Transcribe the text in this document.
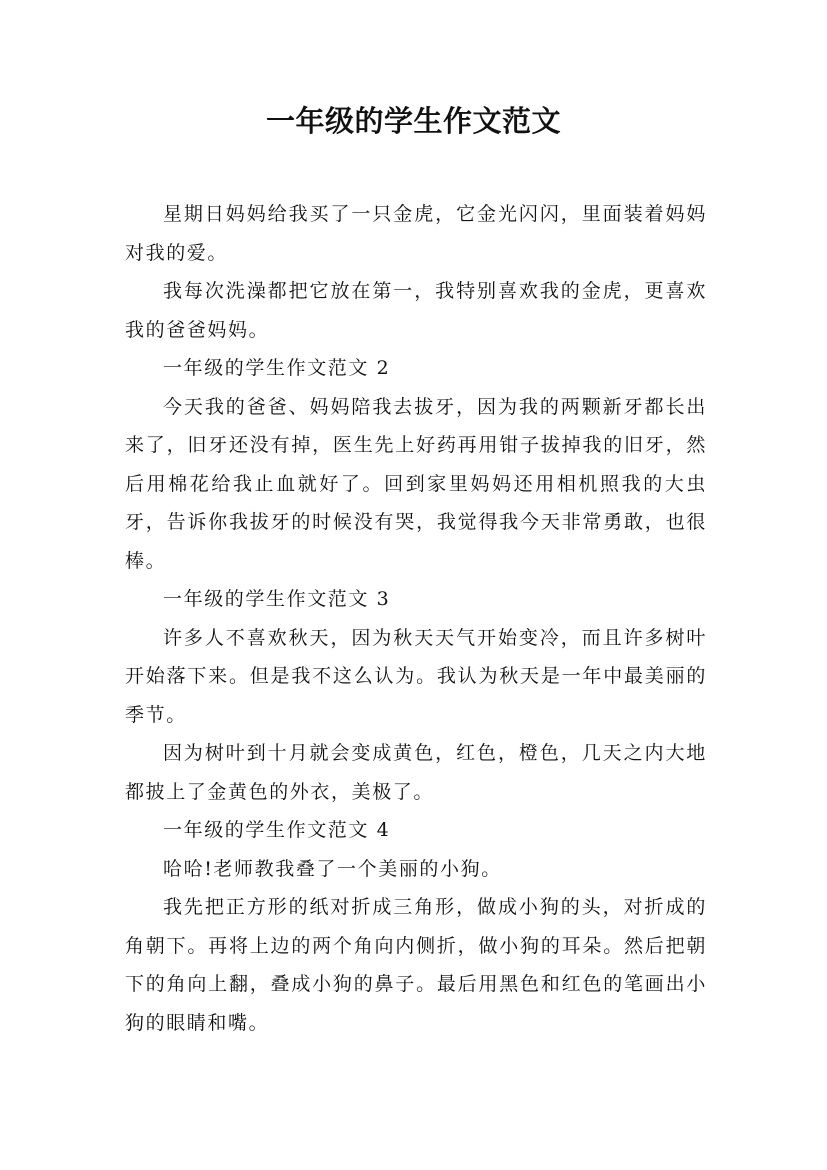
一年级的学生作文范文

星期日妈妈给我买了一只金虎，它金光闪闪，里面装着妈妈对我的爱。

我每次洗澡都把它放在第一，我特别喜欢我的金虎，更喜欢我的爸爸妈妈。

一年级的学生作文范文 2

今天我的爸爸、妈妈陪我去拔牙，因为我的两颗新牙都长出来了，旧牙还没有掉，医生先上好药再用钳子拔掉我的旧牙，然后用棉花给我止血就好了。回到家里妈妈还用相机照我的大虫牙，告诉你我拔牙的时候没有哭，我觉得我今天非常勇敢，也很棒。

一年级的学生作文范文 3

许多人不喜欢秋天，因为秋天天气开始变冷，而且许多树叶开始落下来。但是我不这么认为。我认为秋天是一年中最美丽的季节。

因为树叶到十月就会变成黄色，红色，橙色，几天之内大地都披上了金黄色的外衣，美极了。

一年级的学生作文范文 4

哈哈!老师教我叠了一个美丽的小狗。

我先把正方形的纸对折成三角形，做成小狗的头，对折成的角朝下。再将上边的两个角向内侧折，做小狗的耳朵。然后把朝下的角向上翻，叠成小狗的鼻子。最后用黑色和红色的笔画出小狗的眼睛和嘴。
